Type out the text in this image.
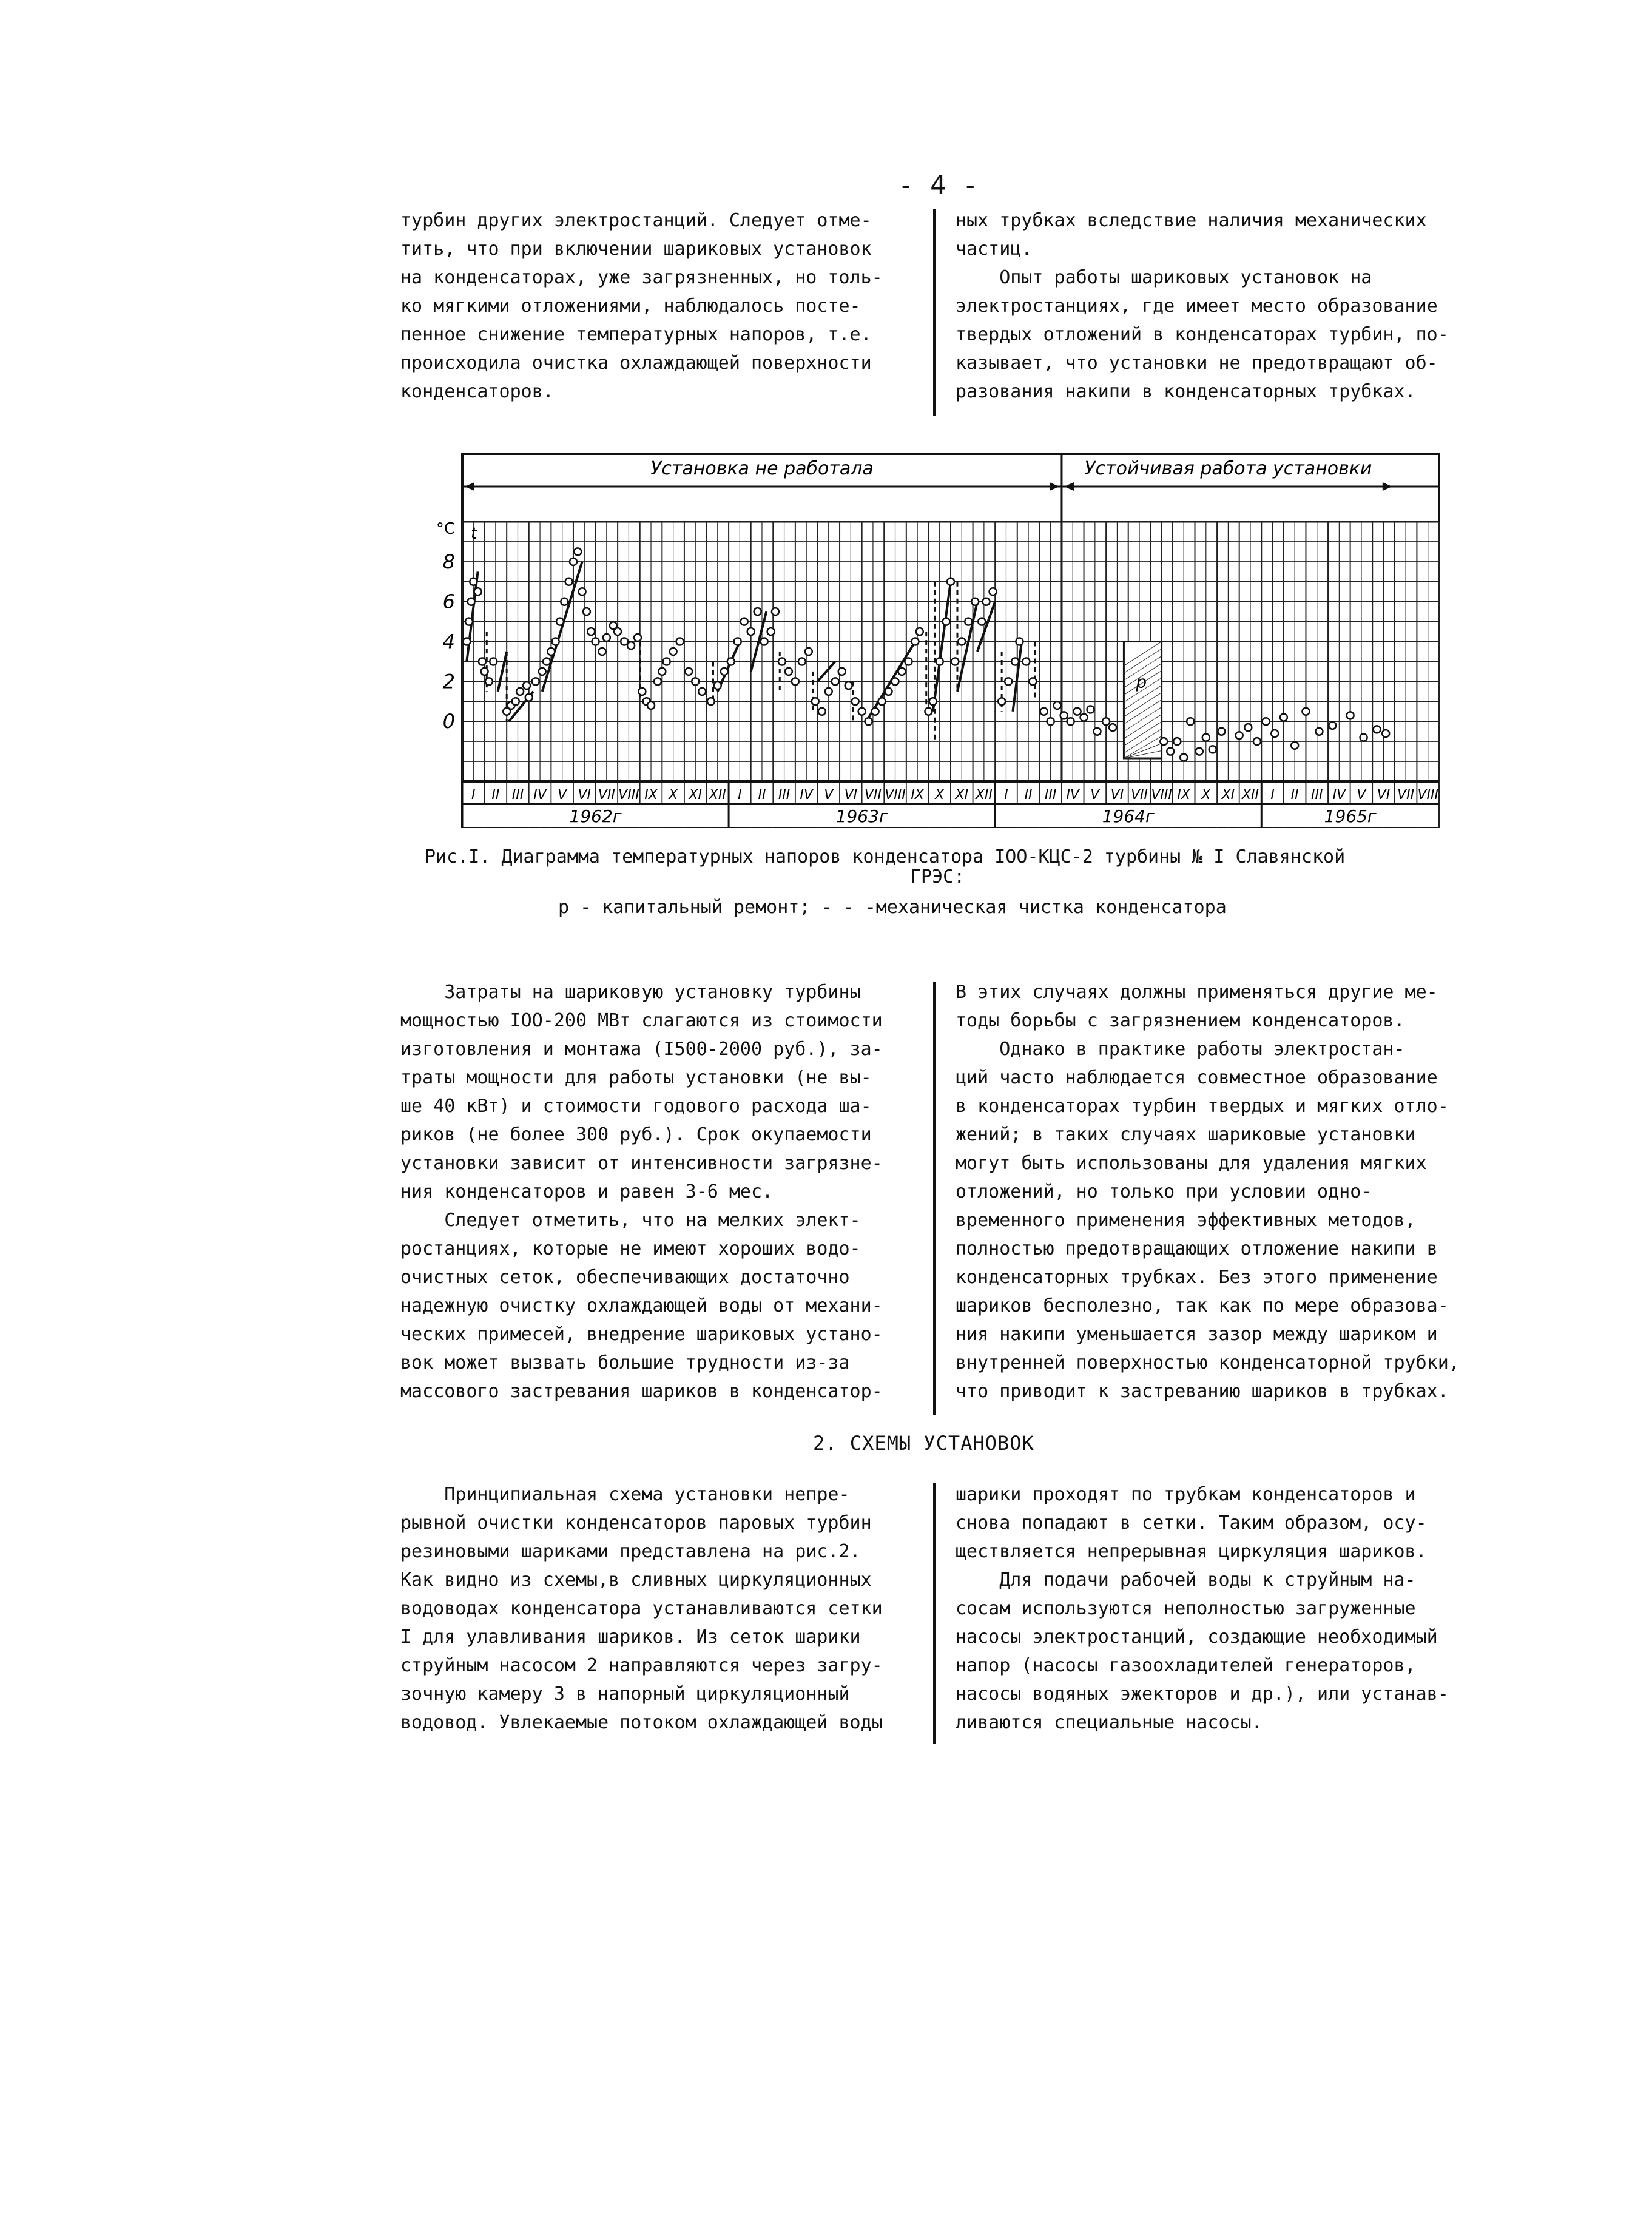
- 4 -
турбин других электростанций. Следует отме-
тить, что при включении шариковых установок
на конденсаторах, уже загрязненных, но толь-
ко мягкими отложениями, наблюдалось посте-
пенное снижение температурных напоров, т.е.
происходила очистка охлаждающей поверхности
конденсаторов.
ных трубках вследствие наличия механических
частиц.
Опыт работы шариковых установок на
электростанциях, где имеет место образование
твердых отложений в конденсаторах турбин, по-
казывает, что установки не предотвращают об-
разования накипи в конденсаторных трубках.
Установка не работала	Устойчивая работа установки
0
2
4
6
8
°C t
I II III IV V VI VII VIII IX X XI XII
1962г
I II III IV V VI VII VIII IX X XI XII
1963г
I II III IV V VI VII VIII IX X XI XII
1964г
I II III IV V VI VII VIII
1965г
р
Рис.I. Диаграмма температурных напоров конденсатора IOO-КЦС-2 турбины № I Славянской
ГРЭС:
р - капитальный ремонт; - - -механическая чистка конденсатора
Затраты на шариковую установку турбины
мощностью IOO-200 МВт слагаются из стоимости
изготовления и монтажа (I500-2000 руб.), за-
траты мощности для работы установки (не вы-
ше 40 кВт) и стоимости годового расхода ша-
риков (не более 300 руб.). Срок окупаемости
установки зависит от интенсивности загрязне-
ния конденсаторов и равен 3-6 мес.
Следует отметить, что на мелких элект-
ростанциях, которые не имеют хороших водо-
очистных сеток, обеспечивающих достаточно
надежную очистку охлаждающей воды от механи-
ческих примесей, внедрение шариковых устано-
вок может вызвать большие трудности из-за
массового застревания шариков в конденсатор-
В этих случаях должны применяться другие ме-
тоды борьбы с загрязнением конденсаторов.
Однако в практике работы электростан-
ций часто наблюдается совместное образование
в конденсаторах турбин твердых и мягких отло-
жений; в таких случаях шариковые установки
могут быть использованы для удаления мягких
отложений, но только при условии одно-
временного применения эффективных методов,
полностью предотвращающих отложение накипи в
конденсаторных трубках. Без этого применение
шариков бесполезно, так как по мере образова-
ния накипи уменьшается зазор между шариком и
внутренней поверхностью конденсаторной трубки,
что приводит к застреванию шариков в трубках.
2. СХЕМЫ УСТАНОВОК
Принципиальная схема установки непре-
рывной очистки конденсаторов паровых турбин
резиновыми шариками представлена на рис.2.
Как видно из схемы,в сливных циркуляционных
водоводах конденсатора устанавливаются сетки
I для улавливания шариков. Из сеток шарики
струйным насосом 2 направляются через загру-
зочную камеру 3 в напорный циркуляционный
водовод. Увлекаемые потоком охлаждающей воды
шарики проходят по трубкам конденсаторов и
снова попадают в сетки. Таким образом, осу-
ществляется непрерывная циркуляция шариков.
Для подачи рабочей воды к струйным на-
сосам используются неполностью загруженные
насосы электростанций, создающие необходимый
напор (насосы газоохладителей генераторов,
насосы водяных эжекторов и др.), или устанав-
ливаются специальные насосы.
